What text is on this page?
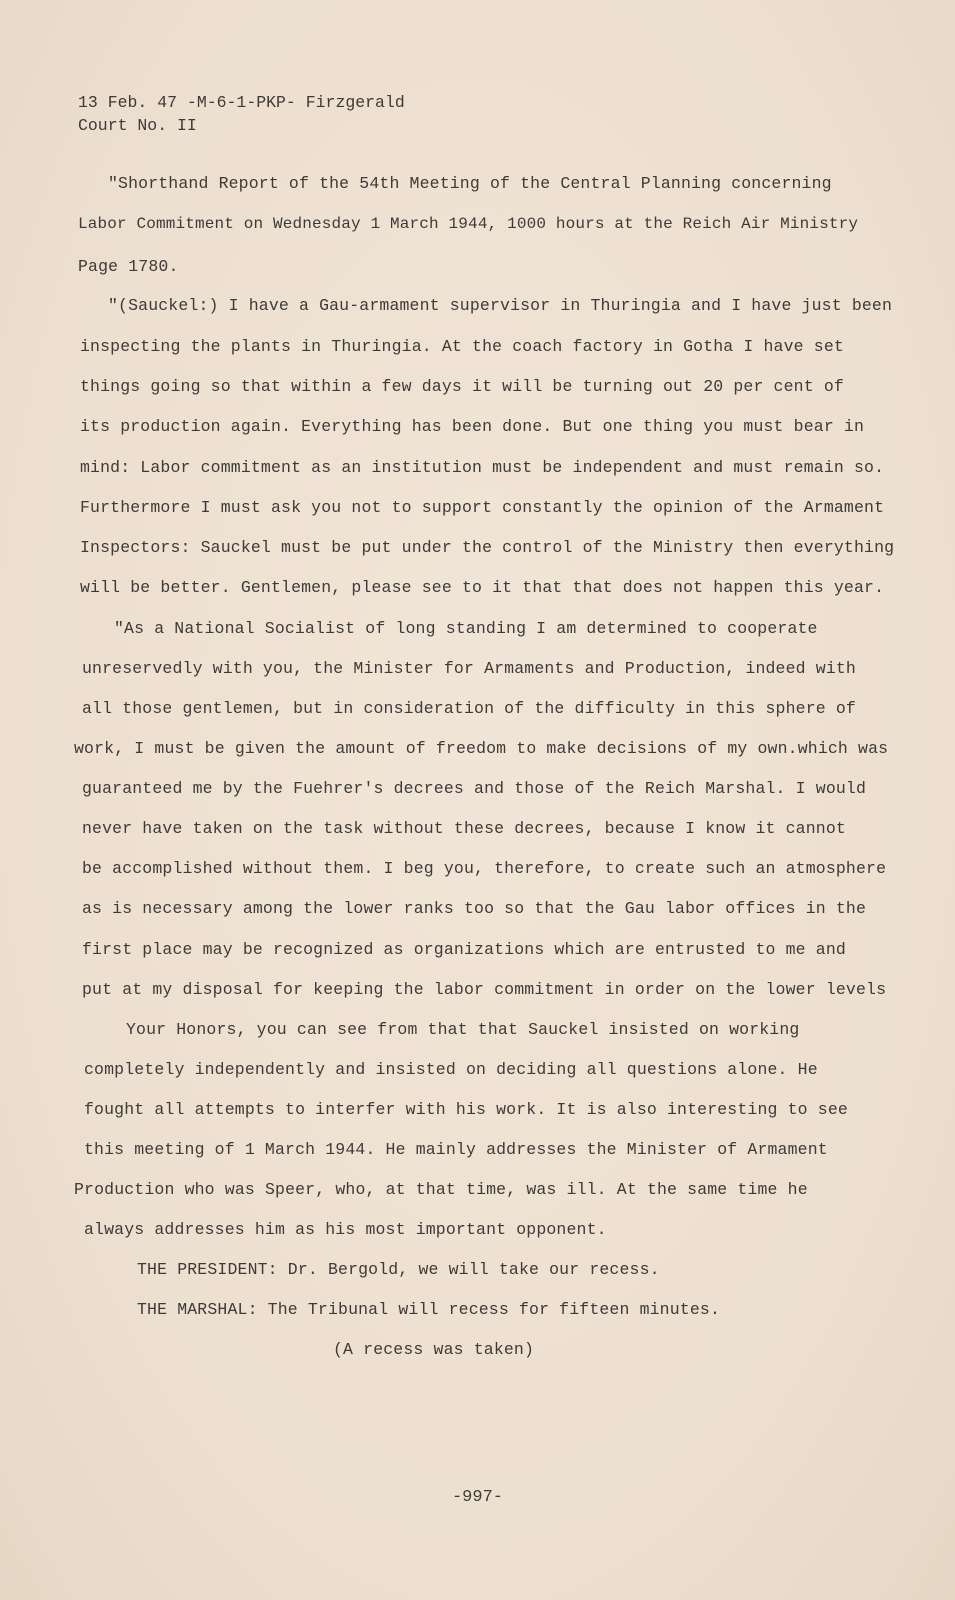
13 Feb. 47 -M-6-1-PKP- Firzgerald
Court No. II
"Shorthand Report of the 54th Meeting of the Central Planning concerning
Labor Commitment on Wednesday 1 March 1944, 1000 hours at the Reich Air Ministry
Page 1780.
"(Sauckel:) I have a Gau-armament supervisor in Thuringia and I have just been
inspecting the plants in Thuringia. At the coach factory in Gotha I have set
things going so that within a few days it will be turning out 20 per cent of
its production again. Everything has been done. But one thing you must bear in
mind: Labor commitment as an institution must be independent and must remain so.
Furthermore I must ask you not to support constantly the opinion of the Armament
Inspectors: Sauckel must be put under the control of the Ministry then everything
will be better. Gentlemen, please see to it that that does not happen this year.
"As a National Socialist of long standing I am determined to cooperate
unreservedly with you, the Minister for Armaments and Production, indeed with
all those gentlemen, but in consideration of the difficulty in this sphere of
work, I must be given the amount of freedom to make decisions of my own.which was
guaranteed me by the Fuehrer's decrees and those of the Reich Marshal. I would
never have taken on the task without these decrees, because I know it cannot
be accomplished without them. I beg you, therefore, to create such an atmosphere
as is necessary among the lower ranks too so that the Gau labor offices in the
first place may be recognized as organizations which are entrusted to me and
put at my disposal for keeping the labor commitment in order on the lower levels
Your Honors, you can see from that that Sauckel insisted on working
completely independently and insisted on deciding all questions alone. He
fought all attempts to interfer with his work. It is also interesting to see
this meeting of 1 March 1944. He mainly addresses the Minister of Armament
Production who was Speer, who, at that time, was ill. At the same time he
always addresses him as his most important opponent.
THE PRESIDENT: Dr. Bergold, we will take our recess.
THE MARSHAL: The Tribunal will recess for fifteen minutes.
(A recess was taken)
-997-
